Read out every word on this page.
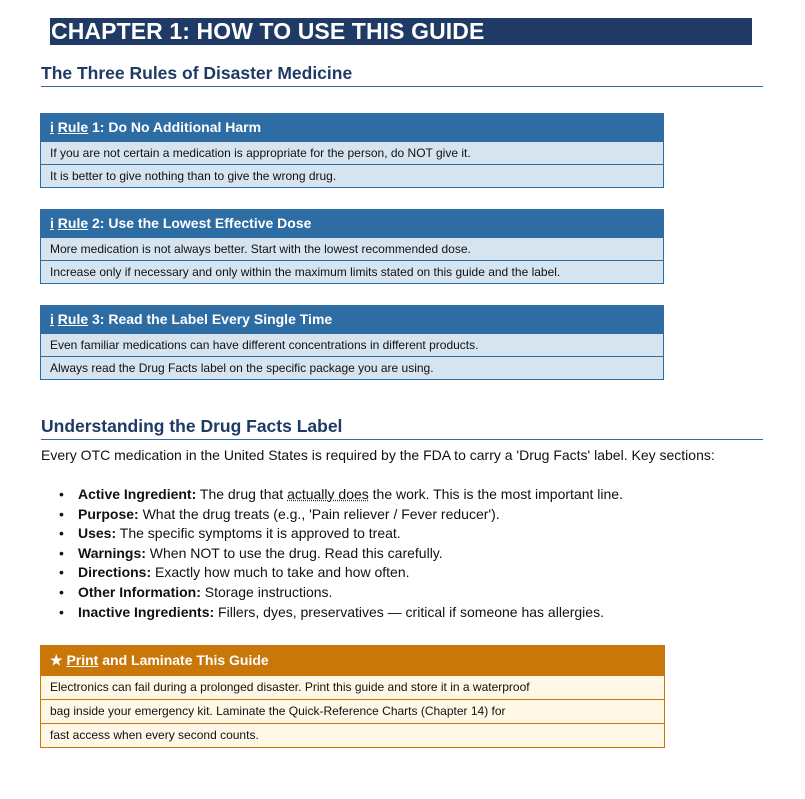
CHAPTER 1: HOW TO USE THIS GUIDE
The Three Rules of Disaster Medicine
i Rule 1: Do No Additional Harm
If you are not certain a medication is appropriate for the person, do NOT give it.
It is better to give nothing than to give the wrong drug.
i Rule 2: Use the Lowest Effective Dose
More medication is not always better. Start with the lowest recommended dose.
Increase only if necessary and only within the maximum limits stated on this guide and the label.
i Rule 3: Read the Label Every Single Time
Even familiar medications can have different concentrations in different products.
Always read the Drug Facts label on the specific package you are using.
Understanding the Drug Facts Label
Every OTC medication in the United States is required by the FDA to carry a 'Drug Facts' label. Key sections:
• Active Ingredient: The drug that actually does the work. This is the most important line.
• Purpose: What the drug treats (e.g., 'Pain reliever / Fever reducer').
• Uses: The specific symptoms it is approved to treat.
• Warnings: When NOT to use the drug. Read this carefully.
• Directions: Exactly how much to take and how often.
• Other Information: Storage instructions.
• Inactive Ingredients: Fillers, dyes, preservatives — critical if someone has allergies.
★ Print and Laminate This Guide
Electronics can fail during a prolonged disaster. Print this guide and store it in a waterproof
bag inside your emergency kit. Laminate the Quick-Reference Charts (Chapter 14) for
fast access when every second counts.
